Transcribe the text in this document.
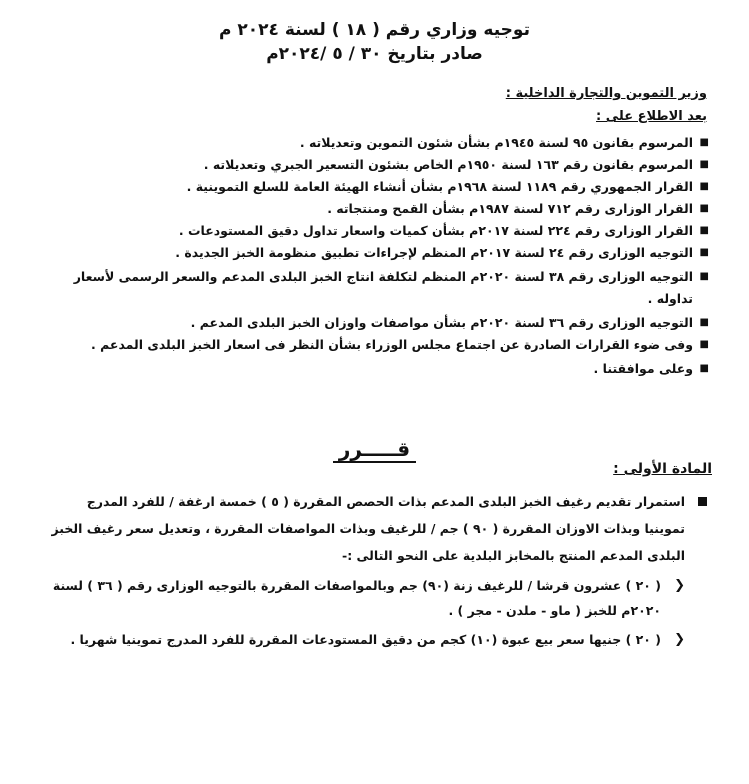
توجيه وزاري رقم ( ١٨ ) لسنة ٢٠٢٤ م
صادر بتاريخ ٣٠ / ٥ /٢٠٢٤م
وزير التموين والتجارة الداخلية :
بعد الاطلاع على :
■
المرسوم بقانون ٩٥ لسنة ١٩٤٥م بشأن شئون التموين وتعديلاته .
■
المرسوم بقانون رقم ١٦٣ لسنة ١٩٥٠م الخاص بشئون التسعير الجبري وتعديلاته .
■
القرار الجمهوري رقم ١١٨٩ لسنة ١٩٦٨م بشأن أنشاء الهيئة العامة للسلع التموينية .
■
القرار الوزارى رقم ٧١٢ لسنة ١٩٨٧م بشأن القمح ومنتجاته .
■
القرار الوزارى رقم ٢٢٤ لسنة ٢٠١٧م بشأن كميات واسعار تداول دقيق المستودعات .
■
التوجيه الوزارى رقم ٢٤ لسنة ٢٠١٧م المنظم لإجراءات تطبيق منظومة الخبز الجديدة .
■
التوجيه الوزارى رقم ٣٨ لسنة ٢٠٢٠م المنظم لتكلفة انتاج الخبز البلدى المدعم والسعر الرسمى لأسعار تداوله .
■
التوجيه الوزارى رقم ٣٦ لسنة ٢٠٢٠م بشأن مواصفات واوزان الخبز البلدى المدعم .
■
وفى ضوء القرارات الصادرة عن اجتماع مجلس الوزراء بشأن النظر فى اسعار الخبز البلدى المدعم .
■
وعلى موافقتنا .
قـــــرر
المادة الأولى :
استمرار تقديم رغيف الخبز البلدى المدعم بذات الحصص المقررة ( ٥ ) خمسة ارغفة / للفرد المدرج تموينيا وبذات الاوزان المقررة ( ٩٠ ) جم / للرغيف وبذات المواصفات المقررة ، وتعديل سعر رغيف الخبز البلدى المدعم المنتج بالمخابز البلدية على النحو التالى :-
❮
( ٢٠ ) عشرون قرشا / للرغيف زنة (٩٠) جم وبالمواصفات المقررة بالتوجيه الوزارى رقم ( ٣٦ ) لسنة ٢٠٢٠م للخبز ( ماو - ملدن - مجر ) .
❮
( ٢٠ ) جنيها سعر بيع عبوة (١٠) كجم من دقيق المستودعات المقررة للفرد المدرج تموينيا شهريا .
